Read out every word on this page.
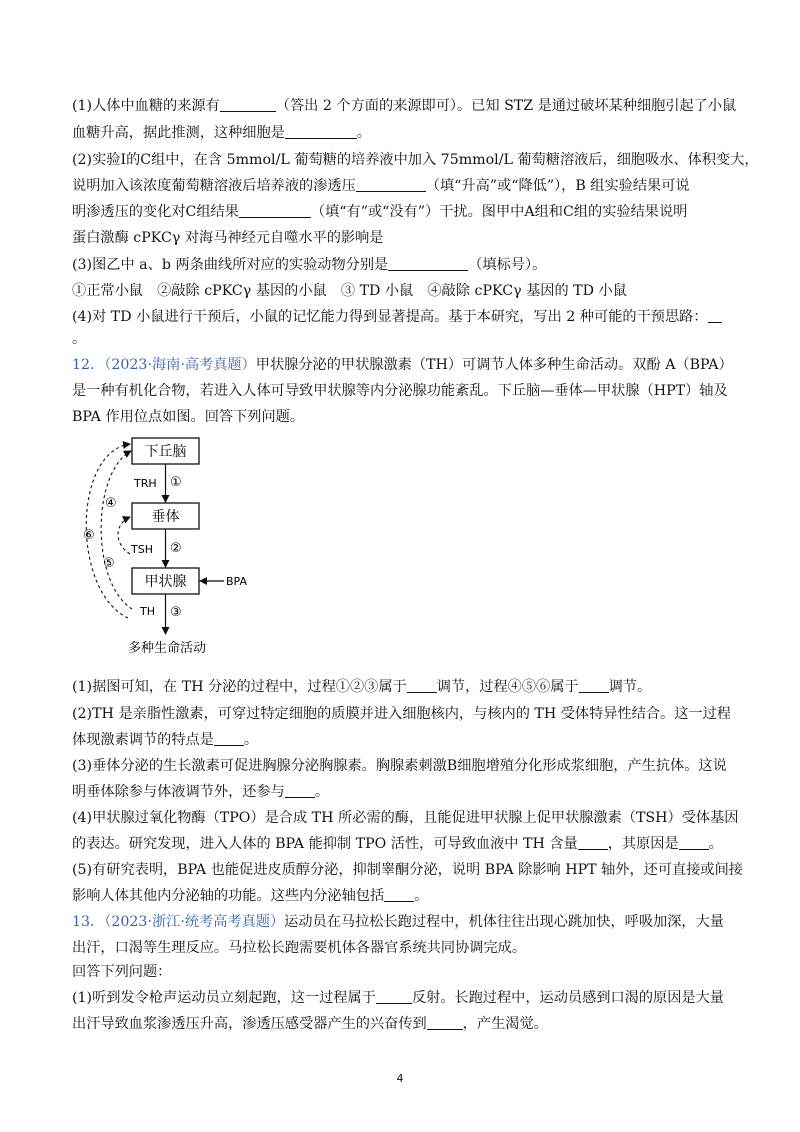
(1)人体中血糖的来源有	（答出 2 个方面的来源即可）。已知 STZ 是通过破坏某种细胞引起了小鼠
血糖升高，据此推测，这种细胞是	。
(2)实验Ⅰ的C组中，在含 5mmol/L 葡萄糖的培养液中加入 75mmol/L 葡萄糖溶液后，细胞吸水、体积变大，
说明加入该浓度葡萄糖溶液后培养液的渗透压	（填“升高”或“降低”），B 组实验结果可说
明渗透压的变化对C组结果	（填“有”或“没有”）干扰。图甲中A组和C组的实验结果说明
蛋白激酶 cPKCγ 对海马神经元自噬水平的影响是
(3)图乙中 a、b 两条曲线所对应的实验动物分别是	（填标号）。
①正常小鼠　②敲除 cPKCγ 基因的小鼠　③ TD 小鼠　④敲除 cPKCγ 基因的 TD 小鼠
(4)对 TD 小鼠进行干预后，小鼠的记忆能力得到显著提高。基于本研究，写出 2 种可能的干预思路：
。
12．（2023·海南·高考真题）甲状腺分泌的甲状腺激素（TH）可调节人体多种生命活动。双酚 A（BPA）
是一种有机化合物，若进入人体可导致甲状腺等内分泌腺功能紊乱。下丘脑—垂体—甲状腺（HPT）轴及
BPA 作用位点如图。回答下列问题。
下丘脑
垂体
甲状腺
TRH ①
TSH ②
TH ③
BPA
④
⑥
⑤
多种生命活动
(1)据图可知，在 TH 分泌的过程中，过程①②③属于 调节，过程④⑤⑥属于 调节。
(2)TH 是亲脂性激素，可穿过特定细胞的质膜并进入细胞核内，与核内的 TH 受体特异性结合。这一过程
体现激素调节的特点是 。
(3)垂体分泌的生长激素可促进胸腺分泌胸腺素。胸腺素刺激B细胞增殖分化形成浆细胞，产生抗体。这说
明垂体除参与体液调节外，还参与 。
(4)甲状腺过氧化物酶（TPO）是合成 TH 所必需的酶，且能促进甲状腺上促甲状腺激素（TSH）受体基因
的表达。研究发现，进入人体的 BPA 能抑制 TPO 活性，可导致血液中 TH 含量 ，其原因是 。
(5)有研究表明，BPA 也能促进皮质醇分泌，抑制睾酮分泌，说明 BPA 除影响 HPT 轴外，还可直接或间接
影响人体其他内分泌轴的功能。这些内分泌轴包括 。
13．（2023·浙江·统考高考真题）运动员在马拉松长跑过程中，机体往往出现心跳加快，呼吸加深，大量
出汗，口渴等生理反应。马拉松长跑需要机体各器官系统共同协调完成。
回答下列问题：
(1)听到发令枪声运动员立刻起跑，这一过程属于	反射。长跑过程中，运动员感到口渴的原因是大量
出汗导致血浆渗透压升高，渗透压感受器产生的兴奋传到	，产生渴觉。
4
